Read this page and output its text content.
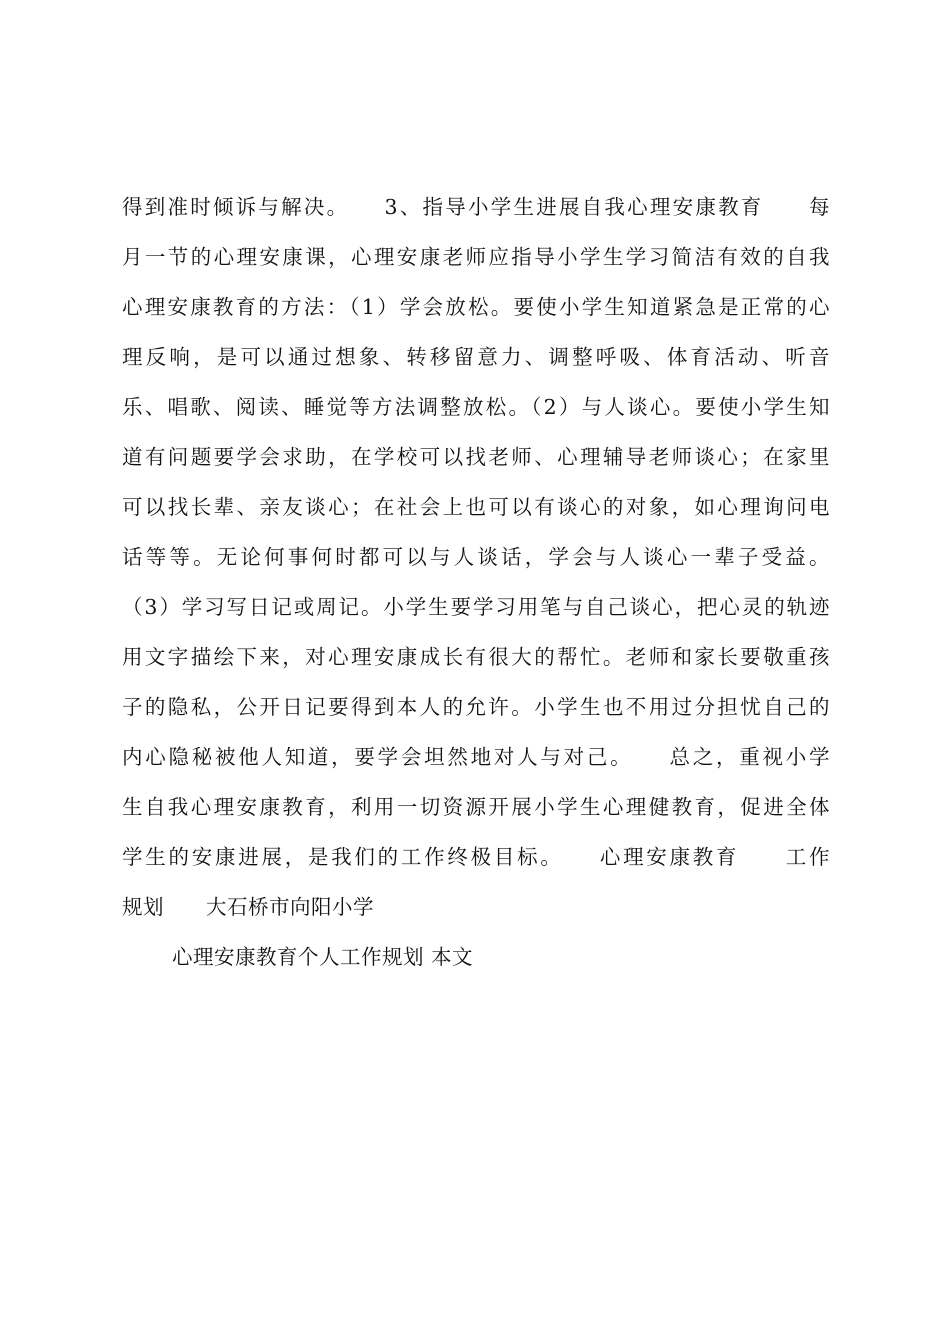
得到准时倾诉与解决。　　3、指导小学生进展自我心理安康教育　　每
月一节的心理安康课，心理安康老师应指导小学生学习简洁有效的自我
心理安康教育的方法：（1）学会放松。要使小学生知道紧急是正常的心
理反响，是可以通过想象、转移留意力、调整呼吸、体育活动、听音
乐、唱歌、阅读、睡觉等方法调整放松。（2）与人谈心。要使小学生知
道有问题要学会求助，在学校可以找老师、心理辅导老师谈心；在家里
可以找长辈、亲友谈心；在社会上也可以有谈心的对象，如心理询问电
话等等。无论何事何时都可以与人谈话，学会与人谈心一辈子受益。
（3）学习写日记或周记。小学生要学习用笔与自己谈心，把心灵的轨迹
用文字描绘下来，对心理安康成长有很大的帮忙。老师和家长要敬重孩
子的隐私，公开日记要得到本人的允许。小学生也不用过分担忧自己的
内心隐秘被他人知道，要学会坦然地对人与对己。　　总之，重视小学
生自我心理安康教育，利用一切资源开展小学生心理健教育，促进全体
学生的安康进展，是我们的工作终极目标。　　心理安康教育　　工作
规划　　大石桥市向阳小学
心理安康教育个人工作规划 本文
